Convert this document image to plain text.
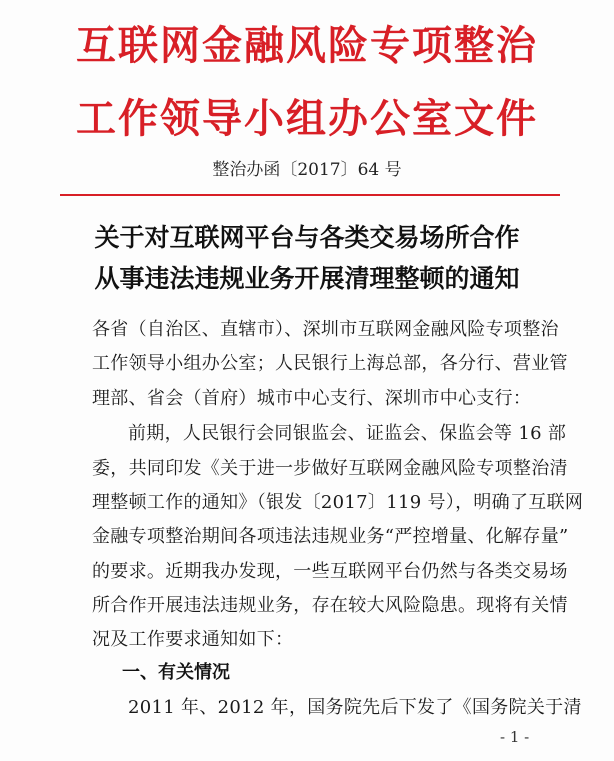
互联网金融风险专项整治
工作领导小组办公室文件
整治办函〔2017〕64 号
关于对互联网平台与各类交易场所合作
从事违法违规业务开展清理整顿的通知
各省（自治区、直辖市）、深圳市互联网金融风险专项整治
工作领导小组办公室；人民银行上海总部，各分行、营业管
理部、省会（首府）城市中心支行、深圳市中心支行：
前期，人民银行会同银监会、证监会、保监会等 16 部
委，共同印发《关于进一步做好互联网金融风险专项整治清
理整顿工作的通知》（银发〔2017〕119 号），明确了互联网
金融专项整治期间各项违法违规业务“严控增量、化解存量”
的要求。近期我办发现，一些互联网平台仍然与各类交易场
所合作开展违法违规业务，存在较大风险隐患。现将有关情
况及工作要求通知如下：
一、有关情况
2011 年、2012 年，国务院先后下发了《国务院关于清
- 1 -
